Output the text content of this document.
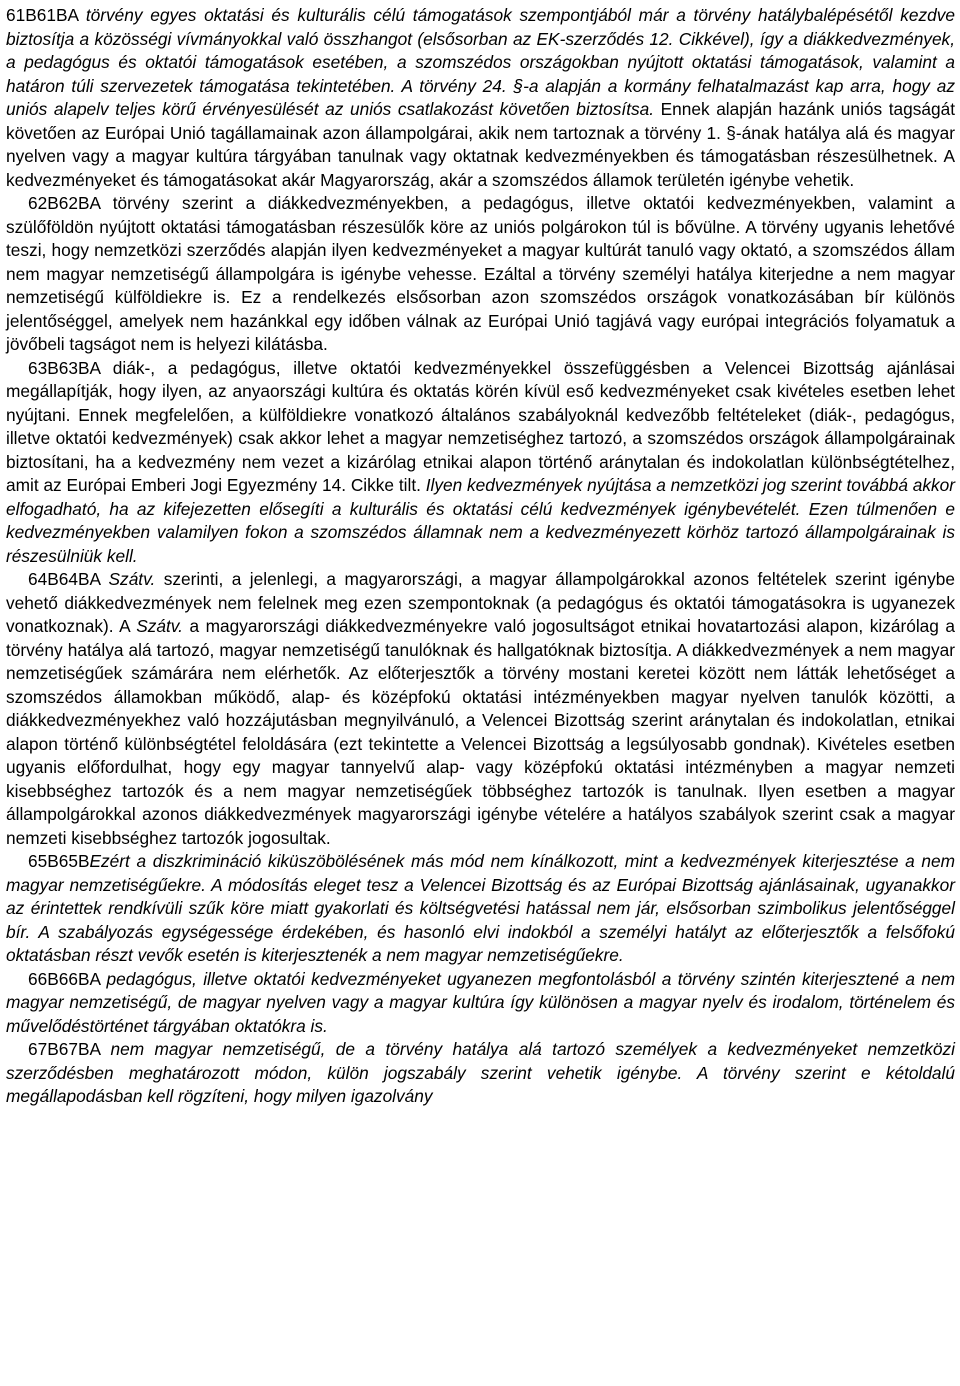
61B61BA törvény egyes oktatási és kulturális célú támogatások szempontjából már a törvény hatálybalépésétől kezdve biztosítja a közösségi vívmányokkal való összhangot (elsősorban az EK-szerződés 12. Cikkével), így a diákkedvezmények, a pedagógus és oktatói támogatások esetében, a szomszédos országokban nyújtott oktatási támogatások, valamint a határon túli szervezetek támogatása tekintetében. A törvény 24. §-a alapján a kormány felhatalmazást kap arra, hogy az uniós alapelv teljes körű érvényesülését az uniós csatlakozást követően biztosítsa. Ennek alapján hazánk uniós tagságát követően az Európai Unió tagállamainak azon állampolgárai, akik nem tartoznak a törvény 1. §-ának hatálya alá és magyar nyelven vagy a magyar kultúra tárgyában tanulnak vagy oktatnak kedvezményekben és támogatásban részesülhetnek. A kedvezményeket és támogatásokat akár Magyarország, akár a szomszédos államok területén igénybe vehetik.

62B62BA törvény szerint a diákkedvezményekben, a pedagógus, illetve oktatói kedvezményekben, valamint a szülőföldön nyújtott oktatási támogatásban részesülők köre az uniós polgárokon túl is bővülne. A törvény ugyanis lehetővé teszi, hogy nemzetközi szerződés alapján ilyen kedvezményeket a magyar kultúrát tanuló vagy oktató, a szomszédos állam nem magyar nemzetiségű állampolgára is igénybe vehesse. Ezáltal a törvény személyi hatálya kiterjedne a nem magyar nemzetiségű külföldiekre is. Ez a rendelkezés elsősorban azon szomszédos országok vonatkozásában bír különös jelentőséggel, amelyek nem hazánkkal egy időben válnak az Európai Unió tagjává vagy európai integrációs folyamatuk a jövőbeli tagságot nem is helyezi kilátásba.

63B63BA diák-, a pedagógus, illetve oktatói kedvezményekkel összefüggésben a Velencei Bizottság ajánlásai megállapítják, hogy ilyen, az anyaországi kultúra és oktatás körén kívül eső kedvezményeket csak kivételes esetben lehet nyújtani. Ennek megfelelően, a külföldiekre vonatkozó általános szabályoknál kedvezőbb feltételeket (diák-, pedagógus, illetve oktatói kedvezmények) csak akkor lehet a magyar nemzetiséghez tartozó, a szomszédos országok állampolgárainak biztosítani, ha a kedvezmény nem vezet a kizárólag etnikai alapon történő aránytalan és indokolatlan különbségtételhez, amit az Európai Emberi Jogi Egyezmény 14. Cikke tilt. Ilyen kedvezmények nyújtása a nemzetközi jog szerint továbbá akkor elfogadható, ha az kifejezetten elősegíti a kulturális és oktatási célú kedvezmények igénybevételét. Ezen túlmenően e kedvezményekben valamilyen fokon a szomszédos államnak nem a kedvezményezett körhöz tartozó állampolgárainak is részesülniük kell.

64B64BA Szátv. szerinti, a jelenlegi, a magyarországi, a magyar állampolgárokkal azonos feltételek szerint igénybe vehető diákkedvezmények nem felelnek meg ezen szempontoknak (a pedagógus és oktatói támogatásokra is ugyanezek vonatkoznak). A Szátv. a magyarországi diákkedvezményekre való jogosultságot etnikai hovatartozási alapon, kizárólag a törvény hatálya alá tartozó, magyar nemzetiségű tanulóknak és hallgatóknak biztosítja. A diákkedvezmények a nem magyar nemzetiségűek számárára nem elérhetők. Az előterjesztők a törvény mostani keretei között nem látták lehetőséget a szomszédos államokban működő, alap- és középfokú oktatási intézményekben magyar nyelven tanulók közötti, a diákkedvezményekhez való hozzájutásban megnyilvánuló, a Velencei Bizottság szerint aránytalan és indokolatlan, etnikai alapon történő különbségtétel feloldására (ezt tekintette a Velencei Bizottság a legsúlyosabb gondnak). Kivételes esetben ugyanis előfordulhat, hogy egy magyar tannyelvű alap- vagy középfokú oktatási intézményben a magyar nemzeti kisebbséghez tartozók és a nem magyar nemzetiségűek többséghez tartozók is tanulnak. Ilyen esetben a magyar állampolgárokkal azonos diákkedvezmények magyarországi igénybe vételére a hatályos szabályok szerint csak a magyar nemzeti kisebbséghez tartozók jogosultak.

65B65BEzért a diszkrimináció kiküszöbölésének más mód nem kínálkozott, mint a kedvezmények kiterjesztése a nem magyar nemzetiségűekre. A módosítás eleget tesz a Velencei Bizottság és az Európai Bizottság ajánlásainak, ugyanakkor az érintettek rendkívüli szűk köre miatt gyakorlati és költségvetési hatással nem jár, elsősorban szimbolikus jelentőséggel bír. A szabályozás egységessége érdekében, és hasonló elvi indokból a személyi hatályt az előterjesztők a felsőfokú oktatásban részt vevők esetén is kiterjesztenék a nem magyar nemzetiségűekre.

66B66BA pedagógus, illetve oktatói kedvezményeket ugyanezen megfontolásból a törvény szintén kiterjesztené a nem magyar nemzetiségű, de magyar nyelven vagy a magyar kultúra így különösen a magyar nyelv és irodalom, történelem és művelődéstörténet tárgyában oktatókra is.

67B67BA nem magyar nemzetiségű, de a törvény hatálya alá tartozó személyek a kedvezményeket nemzetközi szerződésben meghatározott módon, külön jogszabály szerint vehetik igénybe. A törvény szerint e kétoldalú megállapodásban kell rögzíteni, hogy milyen igazolvány
